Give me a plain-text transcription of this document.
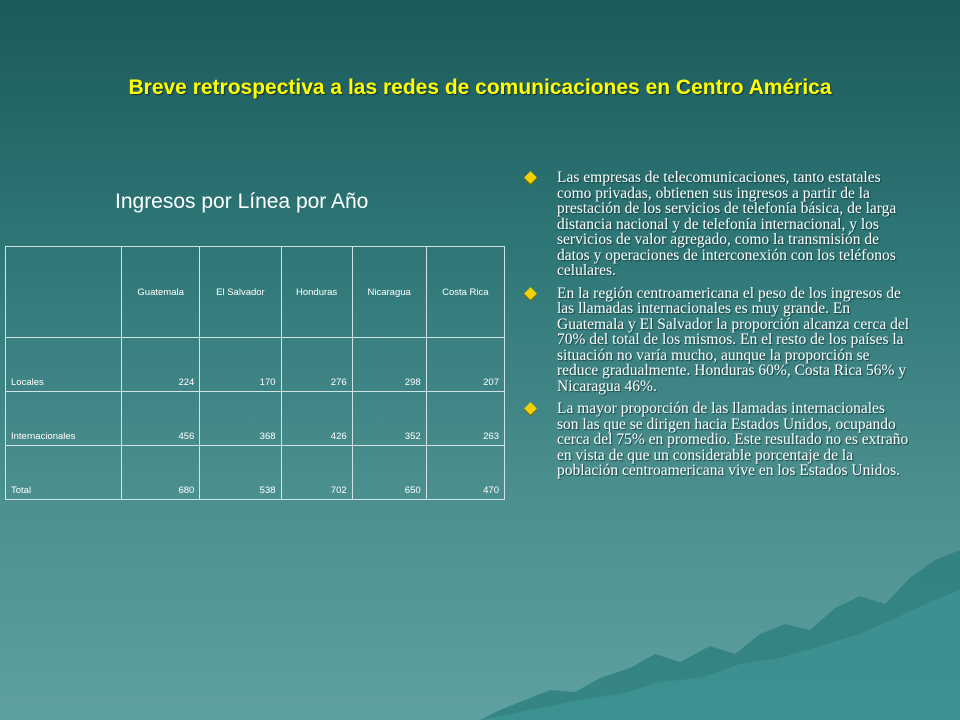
Breve retrospectiva a las redes de comunicaciones en Centro América
Ingresos por Línea por Año
	Guatemala	El Salvador	Honduras	Nicaragua	Costa Rica
Locales	224	170	276	298	207
Internacionales	456	368	426	352	263
Total	680	538	702	650	470
Las empresas de telecomunicaciones, tanto estatales como privadas, obtienen sus ingresos a partir de la prestación de los servicios de telefonía básica, de larga distancia nacional y de telefonía internacional, y los servicios de valor agregado, como la transmisión de datos y operaciones de interconexión con los teléfonos celulares.
En la región centroamericana el peso de los ingresos de las llamadas internacionales es muy grande. En Guatemala y El Salvador la proporción alcanza cerca del 70% del total de los mismos. En el resto de los países la situación no varía mucho, aunque la proporción se reduce gradualmente. Honduras 60%, Costa Rica 56% y Nicaragua 46%.
La mayor proporción de las llamadas internacionales son las que se dirigen hacia Estados Unidos, ocupando cerca del 75% en promedio. Este resultado no es extraño en vista de que un considerable porcentaje de la población centroamericana vive en los Estados Unidos.
